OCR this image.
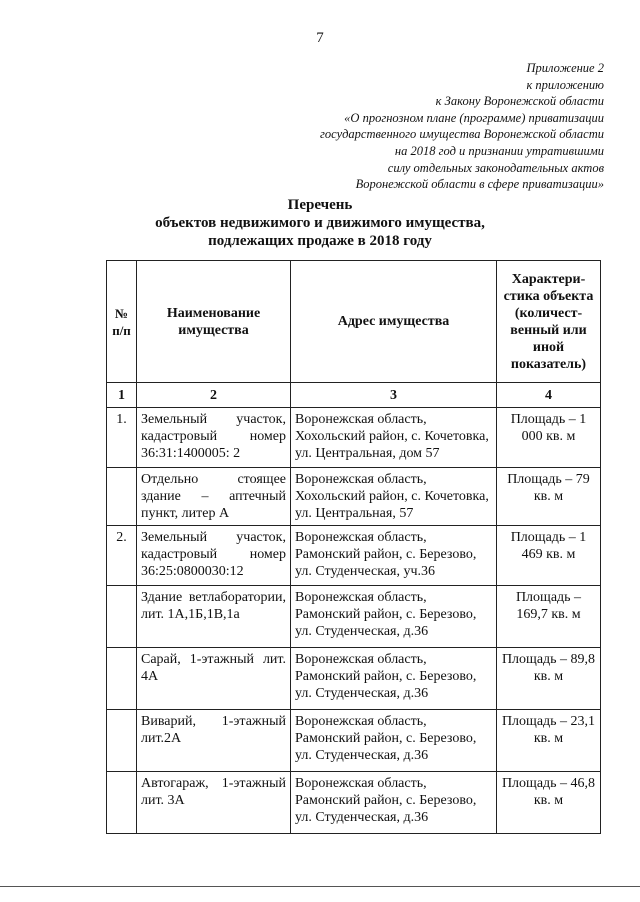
7
Приложение 2
к приложению
к Закону Воронежской области
«О прогнозном плане (программе) приватизации
государственного имущества Воронежской области
на 2018 год и признании утратившими
силу отдельных законодательных актов
Воронежской области в сфере приватизации»
Перечень
объектов недвижимого и движимого имущества,
подлежащих продаже в 2018 году
№ п/п	Наименование имущества	Адрес имущества	Характери-стика объекта (количест-венный или иной показатель)
1	2	3	4
1.	Земельный участок, кадастровый номер 36:31:1400005: 2	Воронежская область, Хохольский район, с. Кочетовка, ул. Центральная, дом 57	Площадь – 1 000 кв. м
	Отдельно стоящее здание – аптечный пункт, литер А	Воронежская область, Хохольский район, с. Кочетовка, ул. Центральная, 57	Площадь – 79 кв. м
2.	Земельный участок, кадастровый номер 36:25:0800030:12	Воронежская область, Рамонский район, с. Березово, ул. Студенческая, уч.36	Площадь – 1 469 кв. м
	Здание ветлаборатории, лит. 1А,1Б,1В,1а	Воронежская область, Рамонский район, с. Березово, ул. Студенческая, д.36	Площадь – 169,7 кв. м
	Сарай, 1-этажный лит. 4А	Воронежская область, Рамонский район, с. Березово, ул. Студенческая, д.36	Площадь – 89,8 кв. м
	Виварий, 1-этажный лит.2А	Воронежская область, Рамонский район, с. Березово, ул. Студенческая, д.36	Площадь – 23,1 кв. м
	Автогараж, 1-этажный лит. 3А	Воронежская область, Рамонский район, с. Березово, ул. Студенческая, д.36	Площадь – 46,8 кв. м
